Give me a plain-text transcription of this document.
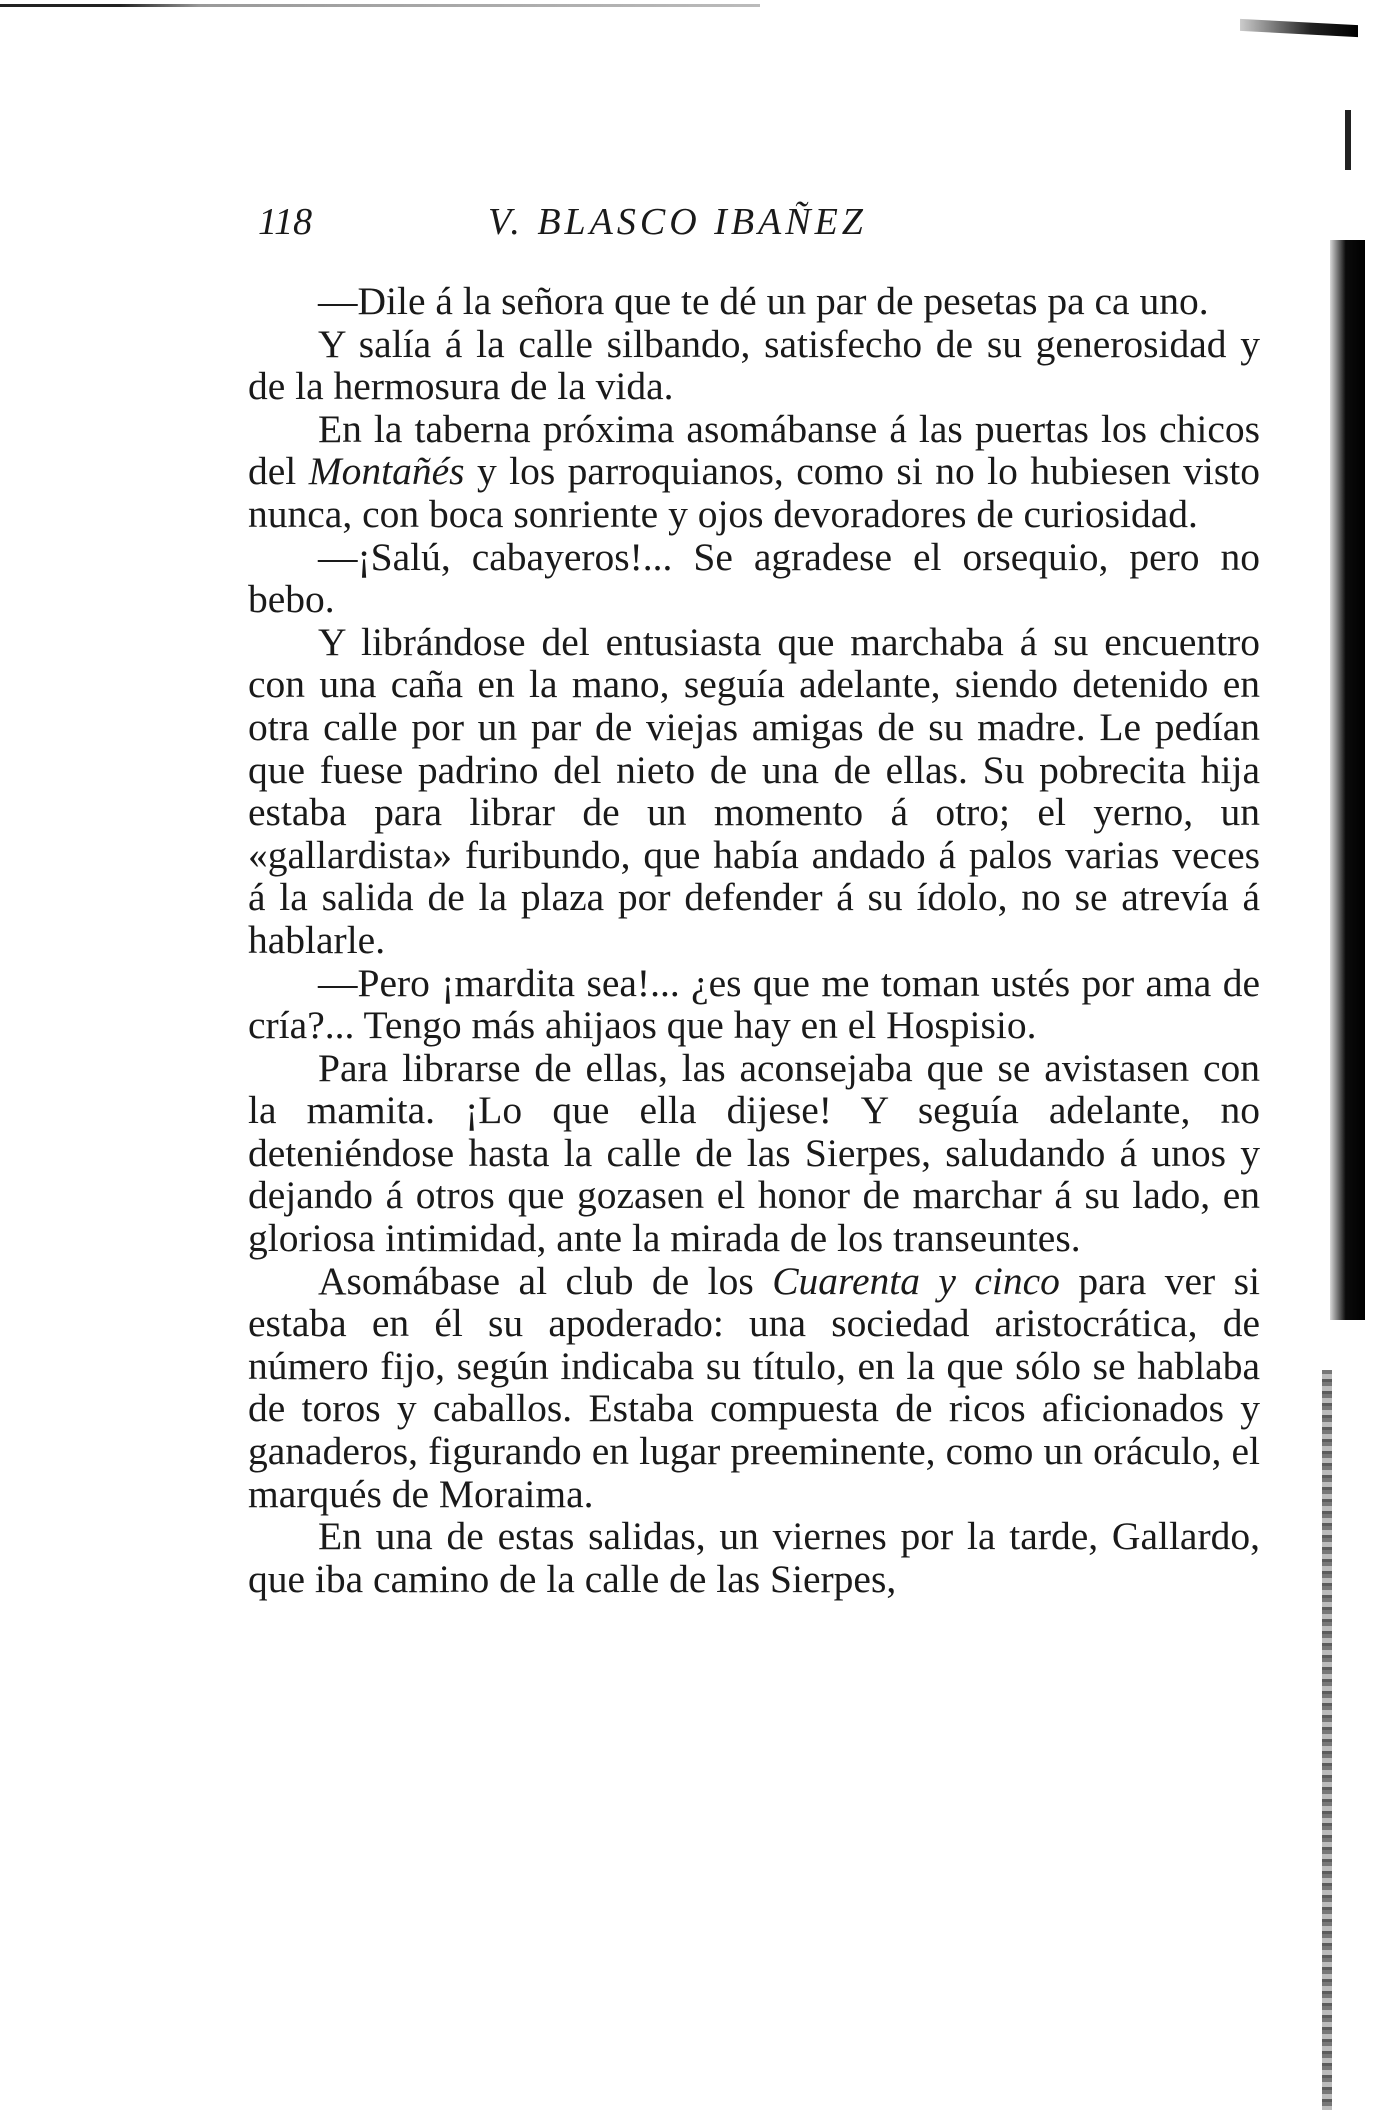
118	V. BLASCO IBAÑEZ

—Dile á la señora que te dé un par de pesetas pa ca uno.

Y salía á la calle silbando, satisfecho de su generosidad y de la hermosura de la vida.

En la taberna próxima asomábanse á las puertas los chicos del Montañés y los parroquianos, como si no lo hubiesen visto nunca, con boca sonriente y ojos devoradores de curiosidad.

—¡Salú, cabayeros!... Se agradese el orsequio, pero no bebo.

Y librándose del entusiasta que marchaba á su encuentro con una caña en la mano, seguía adelante, siendo detenido en otra calle por un par de viejas amigas de su madre. Le pedían que fuese padrino del nieto de una de ellas. Su pobrecita hija estaba para librar de un momento á otro; el yerno, un «gallardista» furibundo, que había andado á palos varias veces á la salida de la plaza por defender á su ídolo, no se atrevía á hablarle.

—Pero ¡mardita sea!... ¿es que me toman ustés por ama de cría?... Tengo más ahijaos que hay en el Hospisio.

Para librarse de ellas, las aconsejaba que se avistasen con la mamita. ¡Lo que ella dijese! Y seguía adelante, no deteniéndose hasta la calle de las Sierpes, saludando á unos y dejando á otros que gozasen el honor de marchar á su lado, en gloriosa intimidad, ante la mirada de los transeuntes.

Asomábase al club de los Cuarenta y cinco para ver si estaba en él su apoderado: una sociedad aristocrática, de número fijo, según indicaba su título, en la que sólo se hablaba de toros y caballos. Estaba compuesta de ricos aficionados y ganaderos, figurando en lugar preeminente, como un oráculo, el marqués de Moraima.

En una de estas salidas, un viernes por la tarde, Gallardo, que iba camino de la calle de las Sierpes,
